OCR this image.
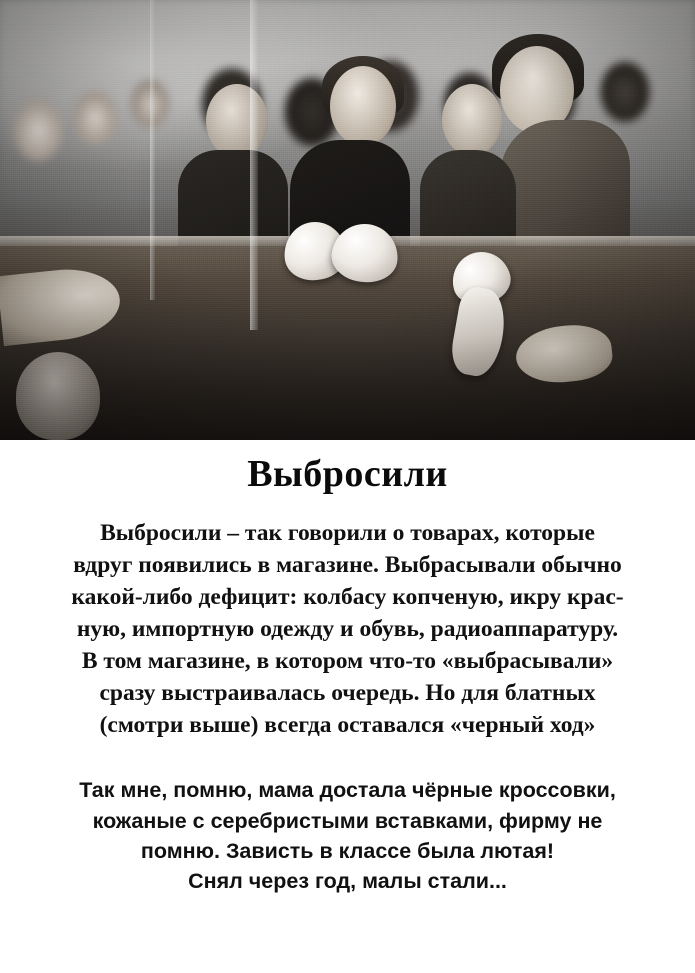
Выбросили

Выбросили – так говорили о товарах, которые

вдруг появились в магазине. Выбрасывали обычно

какой-либо дефицит: колбасу копченую, икру крас-

ную, импортную одежду и обувь, радиоаппаратуру.

В том магазине, в котором что-то «выбрасывали»

сразу выстраивалась очередь. Но для блатных

(смотри выше) всегда оставался «черный ход»

Так мне, помню, мама достала чёрные кроссовки,

кожаные с серебристыми вставками, фирму не

помню. Зависть в классе была лютая!

Снял через год, малы стали...
